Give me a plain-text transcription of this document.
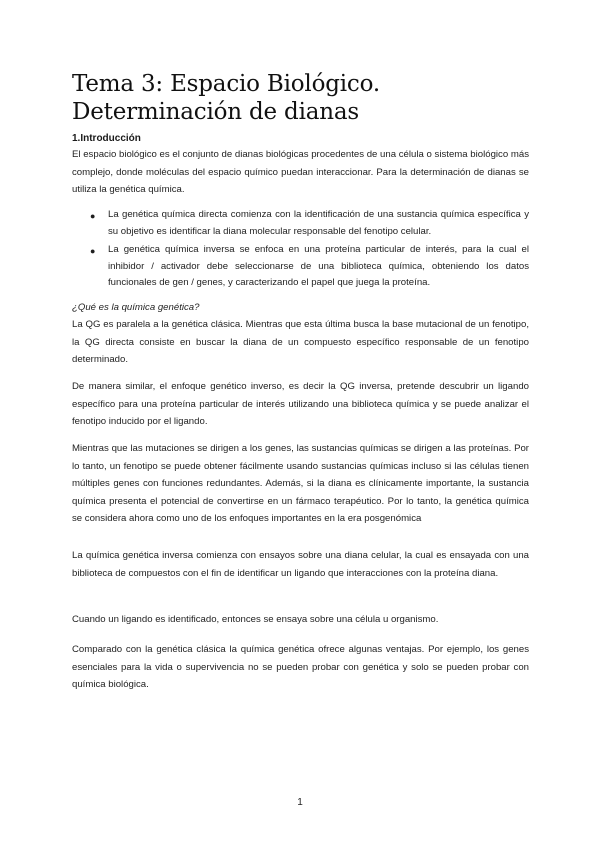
Tema 3: Espacio Biológico. Determinación de dianas
1.Introducción

El espacio biológico es el conjunto de dianas biológicas procedentes de una célula o sistema biológico más complejo, donde moléculas del espacio químico puedan interaccionar. Para la determinación de dianas se utiliza la genética química.

● La genética química directa comienza con la identificación de una sustancia química específica y su objetivo es identificar la diana molecular responsable del fenotipo celular.
● La genética química inversa se enfoca en una proteína particular de interés, para la cual el inhibidor / activador debe seleccionarse de una biblioteca química, obteniendo los datos funcionales de gen / genes, y caracterizando el papel que juega la proteína.

¿Qué es la química genética?

La QG es paralela a la genética clásica. Mientras que esta última busca la base mutacional de un fenotipo, la QG directa consiste en buscar la diana de un compuesto específico responsable de un fenotipo determinado.

De manera similar, el enfoque genético inverso, es decir la QG inversa, pretende descubrir un ligando específico para una proteína particular de interés utilizando una biblioteca química y se puede analizar el fenotipo inducido por el ligando.

Mientras que las mutaciones se dirigen a los genes, las sustancias químicas se dirigen a las proteínas. Por lo tanto, un fenotipo se puede obtener fácilmente usando sustancias químicas incluso si las células tienen múltiples genes con funciones redundantes. Además, si la diana es clínicamente importante, la sustancia química presenta el potencial de convertirse en un fármaco terapéutico. Por lo tanto, la genética química se considera ahora como uno de los enfoques importantes en la era posgenómica

La química genética inversa comienza con ensayos sobre una diana celular, la cual es ensayada con una biblioteca de compuestos con el fin de identificar un ligando que interacciones con la proteína diana.

Cuando un ligando es identificado, entonces se ensaya sobre una célula u organismo.

Comparado con la genética clásica la química genética ofrece algunas ventajas. Por ejemplo, los genes esenciales para la vida o supervivencia no se pueden probar con genética y solo se pueden probar con química biológica.

1
